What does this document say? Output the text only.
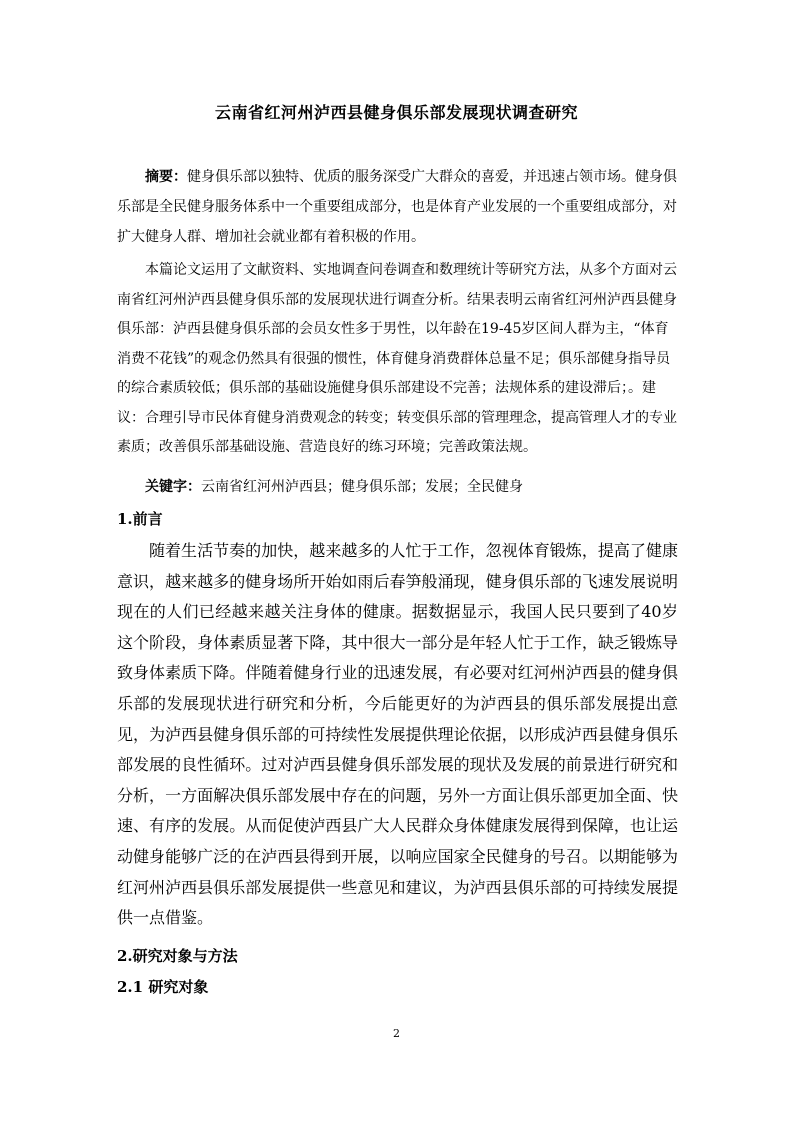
云南省红河州泸西县健身俱乐部发展现状调查研究

摘要：健身俱乐部以独特、优质的服务深受广大群众的喜爱，并迅速占领市场。健身俱乐部是全民健身服务体系中一个重要组成部分，也是体育产业发展的一个重要组成部分，对扩大健身人群、增加社会就业都有着积极的作用。

本篇论文运用了文献资料、实地调查问卷调查和数理统计等研究方法，从多个方面对云南省红河州泸西县健身俱乐部的发展现状进行调查分析。结果表明云南省红河州泸西县健身俱乐部：泸西县健身俱乐部的会员女性多于男性，以年龄在19-45岁区间人群为主，“体育消费不花钱”的观念仍然具有很强的惯性，体育健身消费群体总量不足；俱乐部健身指导员的综合素质较低；俱乐部的基础设施健身俱乐部建设不完善；法规体系的建设滞后；。建议：合理引导市民体育健身消费观念的转变；转变俱乐部的管理理念，提高管理人才的专业素质；改善俱乐部基础设施、营造良好的练习环境；完善政策法规。

关键字：云南省红河州泸西县；健身俱乐部；发展；全民健身

1.前言

随着生活节奏的加快，越来越多的人忙于工作，忽视体育锻炼，提高了健康意识，越来越多的健身场所开始如雨后春笋般涌现，健身俱乐部的飞速发展说明现在的人们已经越来越关注身体的健康。据数据显示，我国人民只要到了40岁这个阶段，身体素质显著下降，其中很大一部分是年轻人忙于工作，缺乏锻炼导致身体素质下降。伴随着健身行业的迅速发展，有必要对红河州泸西县的健身俱乐部的发展现状进行研究和分析，今后能更好的为泸西县的俱乐部发展提出意见，为泸西县健身俱乐部的可持续性发展提供理论依据，以形成泸西县健身俱乐部发展的良性循环。过对泸西县健身俱乐部发展的现状及发展的前景进行研究和分析，一方面解决俱乐部发展中存在的问题，另外一方面让俱乐部更加全面、快速、有序的发展。从而促使泸西县广大人民群众身体健康发展得到保障，也让运动健身能够广泛的在泸西县得到开展，以响应国家全民健身的号召。以期能够为红河州泸西县俱乐部发展提供一些意见和建议，为泸西县俱乐部的可持续发展提供一点借鉴。

2.研究对象与方法

2.1 研究对象

2
